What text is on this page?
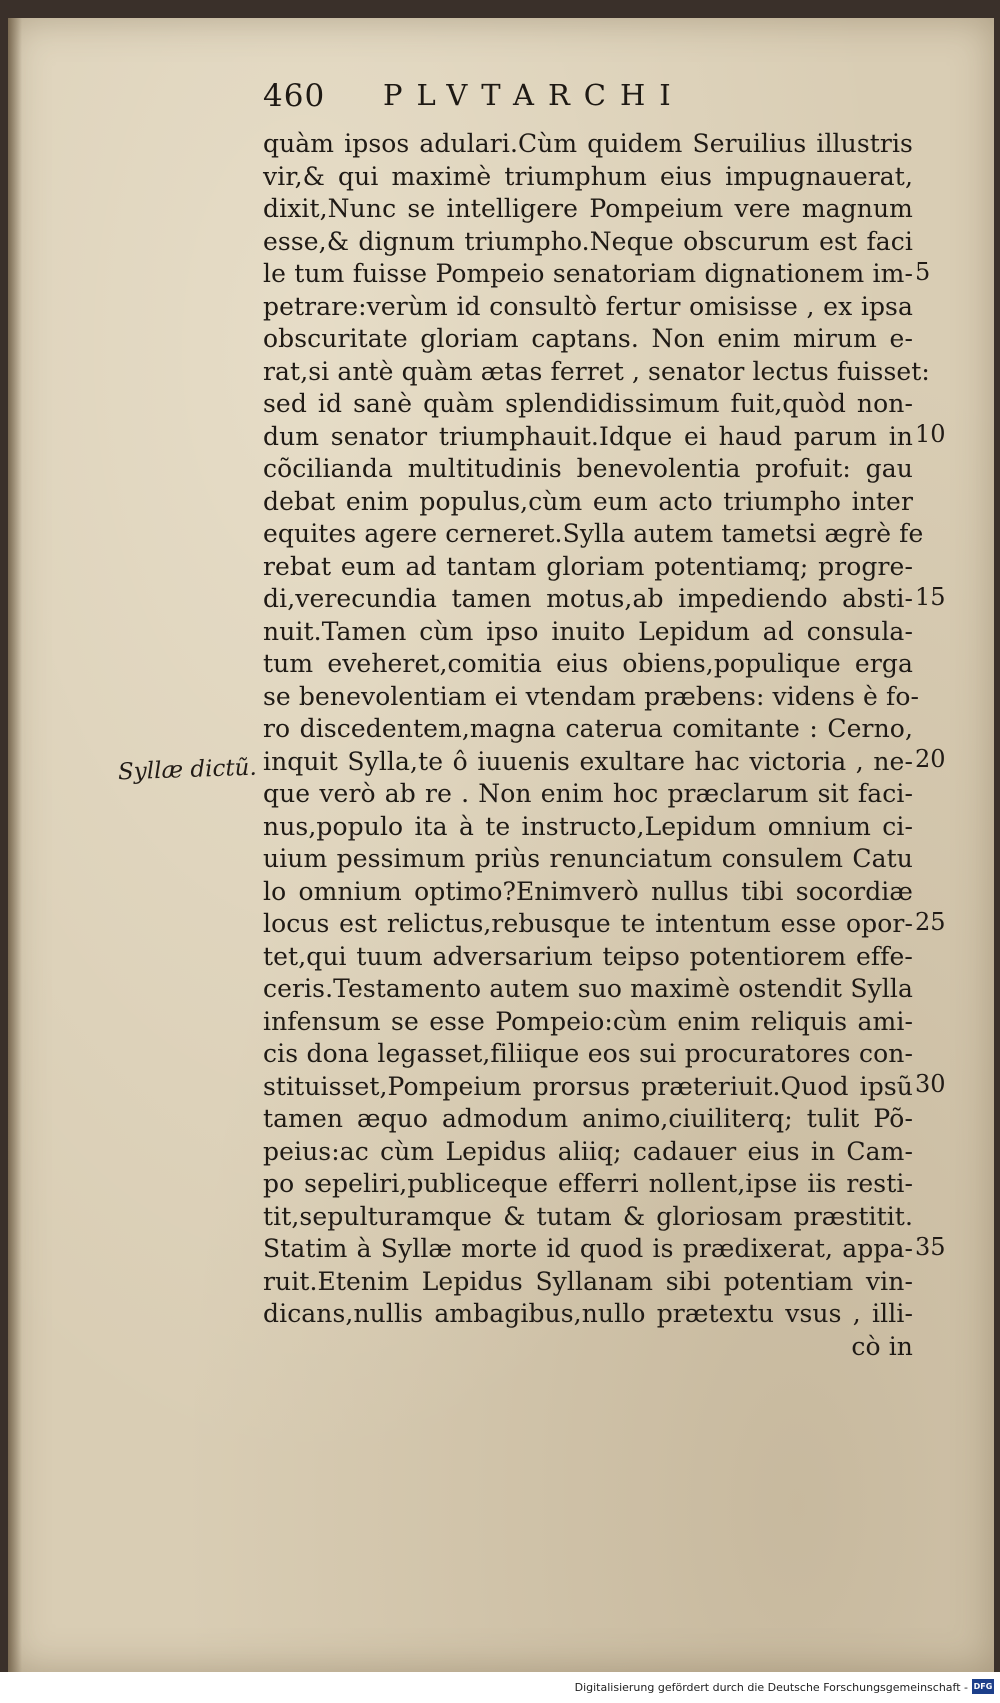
460 PLVTARCHI
Syllæ dictũ.
quàm ipsos adulari.Cùm quidem Seruilius illustris
vir,& qui maximè triumphum eius impugnauerat,
dixit,Nunc se intelligere Pompeium vere magnum
esse,& dignum triumpho.Neque obscurum est faci
le tum fuisse Pompeio senatoriam dignationem im-
petrare:verùm id consultò fertur omisisse , ex ipsa
obscuritate gloriam captans. Non enim mirum e-
rat,si antè quàm ætas ferret , senator lectus fuisset:
sed id sanè quàm splendidissimum fuit,quòd non-
dum senator triumphauit.Idque ei haud parum in
cõcilianda multitudinis benevolentia profuit: gau
debat enim populus,cùm eum acto triumpho inter
equites agere cerneret.Sylla autem tametsi ægrè fe
rebat eum ad tantam gloriam potentiamq; progre-
di,verecundia tamen motus,ab impediendo absti-
nuit.Tamen cùm ipso inuito Lepidum ad consula-
tum eveheret,comitia eius obiens,populique erga
se benevolentiam ei vtendam præbens: videns è fo-
ro discedentem,magna caterua comitante : Cerno,
inquit Sylla,te ô iuuenis exultare hac victoria , ne-
que verò ab re . Non enim hoc præclarum sit faci-
nus,populo ita à te instructo,Lepidum omnium ci-
uium pessimum priùs renunciatum consulem Catu
lo omnium optimo?Enimverò nullus tibi socordiæ
locus est relictus,rebusque te intentum esse opor-
tet,qui tuum adversarium teipso potentiorem effe-
ceris.Testamento autem suo maximè ostendit Sylla
infensum se esse Pompeio:cùm enim reliquis ami-
cis dona legasset,filiique eos sui procuratores con-
stituisset,Pompeium prorsus præteriuit.Quod ipsũ
tamen æquo admodum animo,ciuiliterq; tulit Põ-
peius:ac cùm Lepidus aliiq; cadauer eius in Cam-
po sepeliri,publiceque efferri nollent,ipse iis resti-
tit,sepulturamque & tutam & gloriosam præstitit.
Statim à Syllæ morte id quod is prædixerat, appa-
ruit.Etenim Lepidus Syllanam sibi potentiam vin-
dicans,nullis ambagibus,nullo prætextu vsus , illi-
cò in
5
10
15
20
25
30
35
Digitalisierung gefördert durch die Deutsche Forschungsgemeinschaft - DFG
